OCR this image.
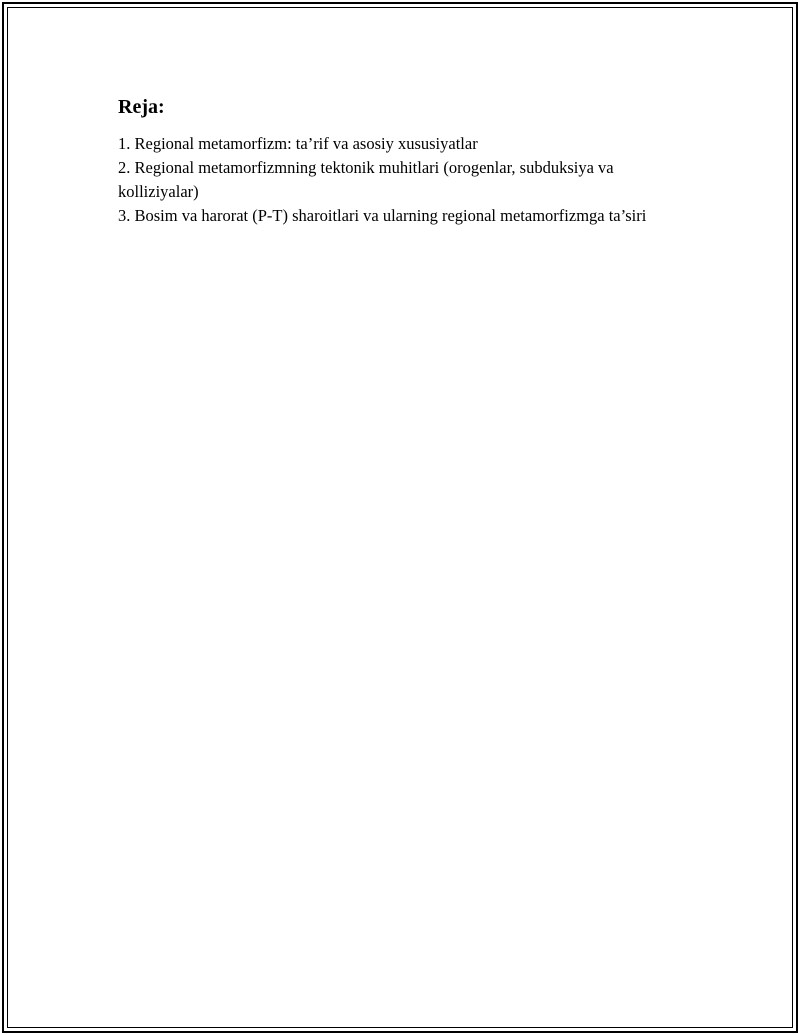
Reja:
1. Regional metamorfizm: ta’rif va asosiy xususiyatlar
2. Regional metamorfizmning tektonik muhitlari (orogenlar, subduksiya va kolliziyalar)
3. Bosim va harorat (P-T) sharoitlari va ularning regional metamorfizmga ta’siri
